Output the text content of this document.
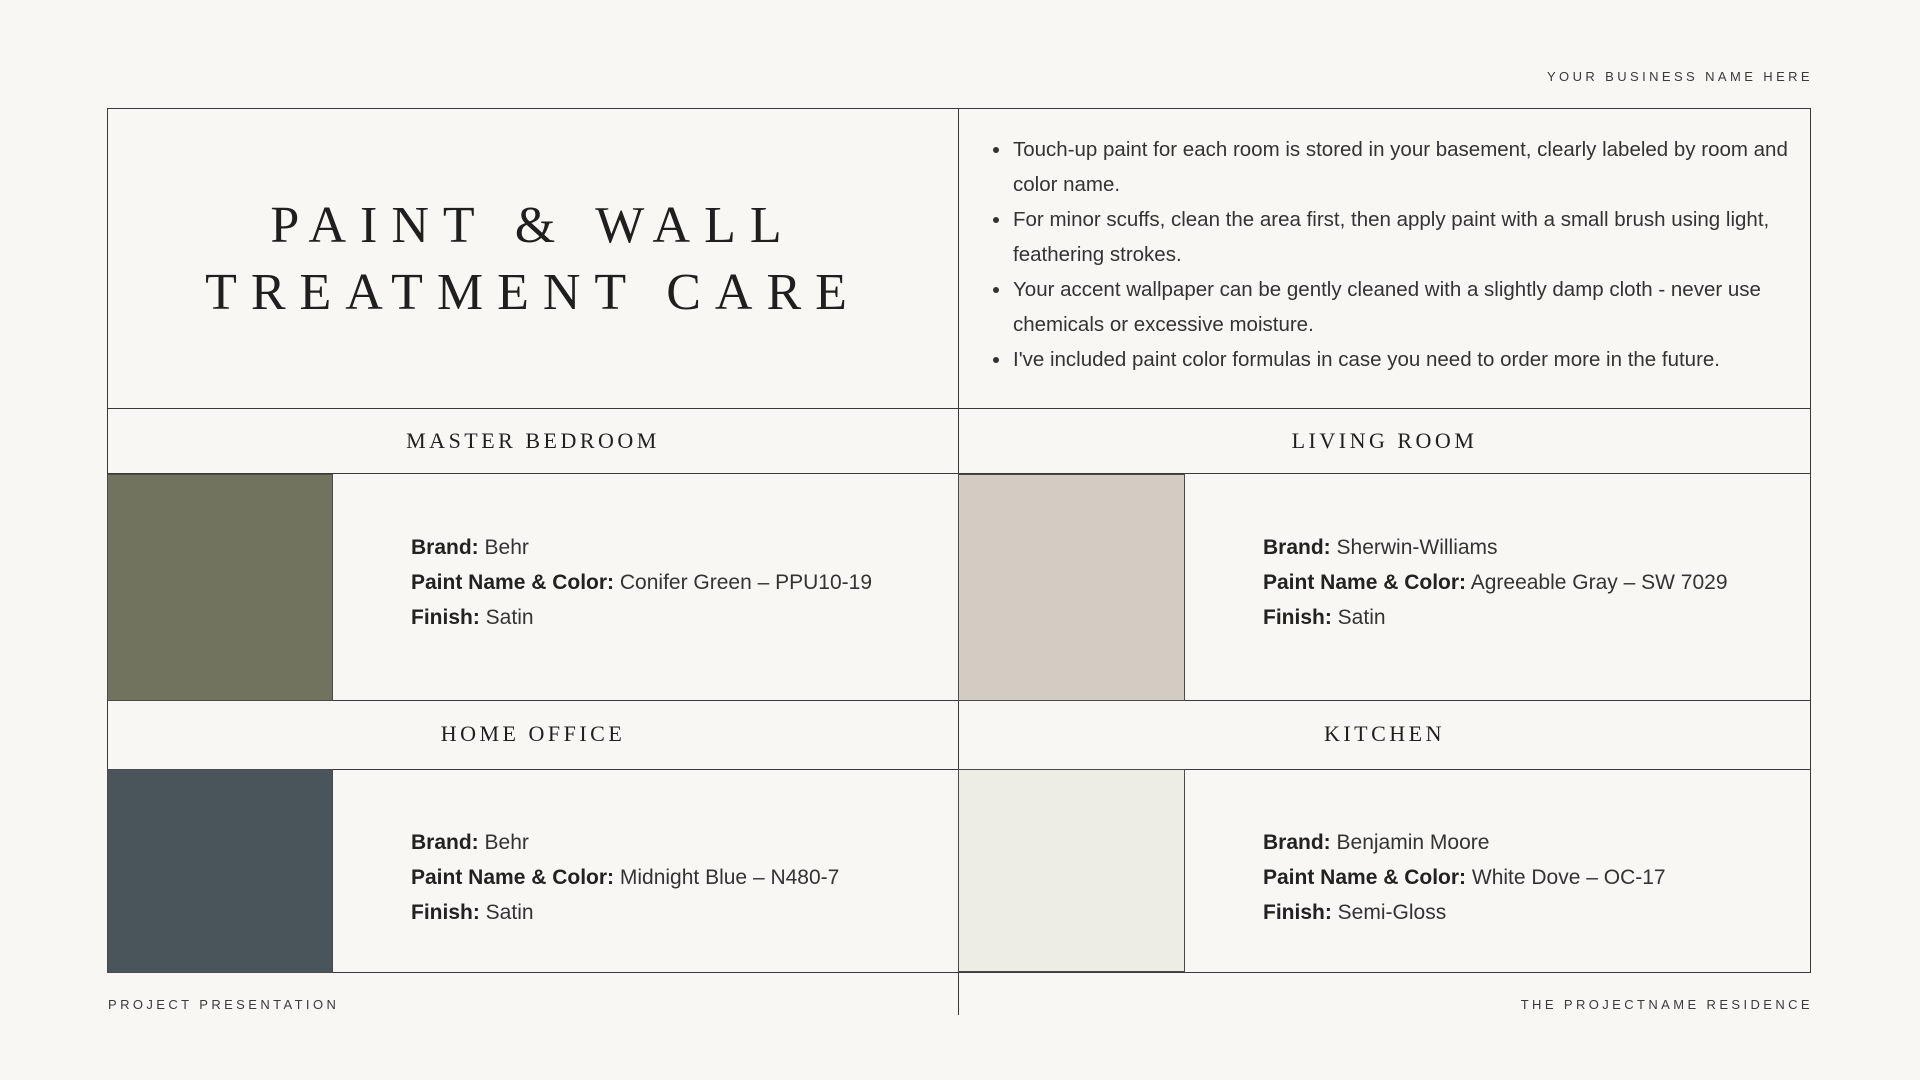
YOUR BUSINESS NAME HERE
PAINT & WALL
TREATMENT CARE
Touch-up paint for each room is stored in your basement, clearly labeled by room and color name.
For minor scuffs, clean the area first, then apply paint with a small brush using light, feathering strokes.
Your accent wallpaper can be gently cleaned with a slightly damp cloth - never use chemicals or excessive moisture.
I've included paint color formulas in case you need to order more in the future.
MASTER BEDROOM	LIVING ROOM
HOME OFFICE	KITCHEN
Brand: Behr
Paint Name & Color: Conifer Green – PPU10-19
Finish: Satin
Brand: Sherwin-Williams
Paint Name & Color: Agreeable Gray – SW 7029
Finish: Satin
Brand: Behr
Paint Name & Color: Midnight Blue – N480-7
Finish: Satin
Brand: Benjamin Moore
Paint Name & Color: White Dove – OC-17
Finish: Semi-Gloss
PROJECT PRESENTATION	THE PROJECTNAME RESIDENCE
